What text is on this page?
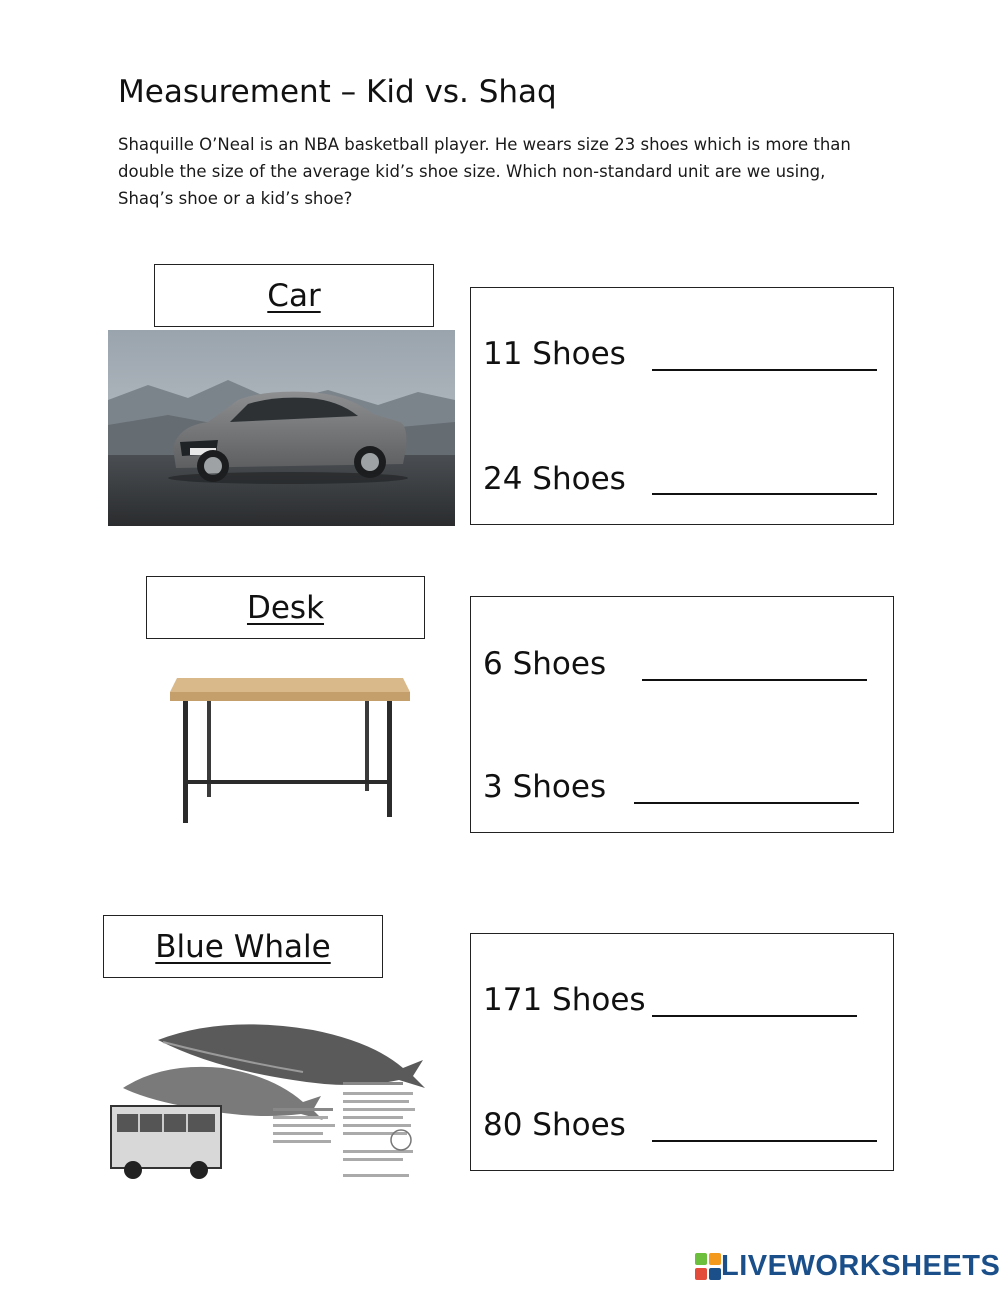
Measurement – Kid vs. Shaq
Shaquille O’Neal is an NBA basketball player. He wears size 23 shoes which is more than
double the size of the average kid’s shoe size. Which non-standard unit are we using,
Shaq’s shoe or a kid’s shoe?
Car
11 Shoes
24 Shoes
Desk
6 Shoes
3 Shoes
Blue Whale
171 Shoes
80 Shoes
LIVEWORKSHEETS
